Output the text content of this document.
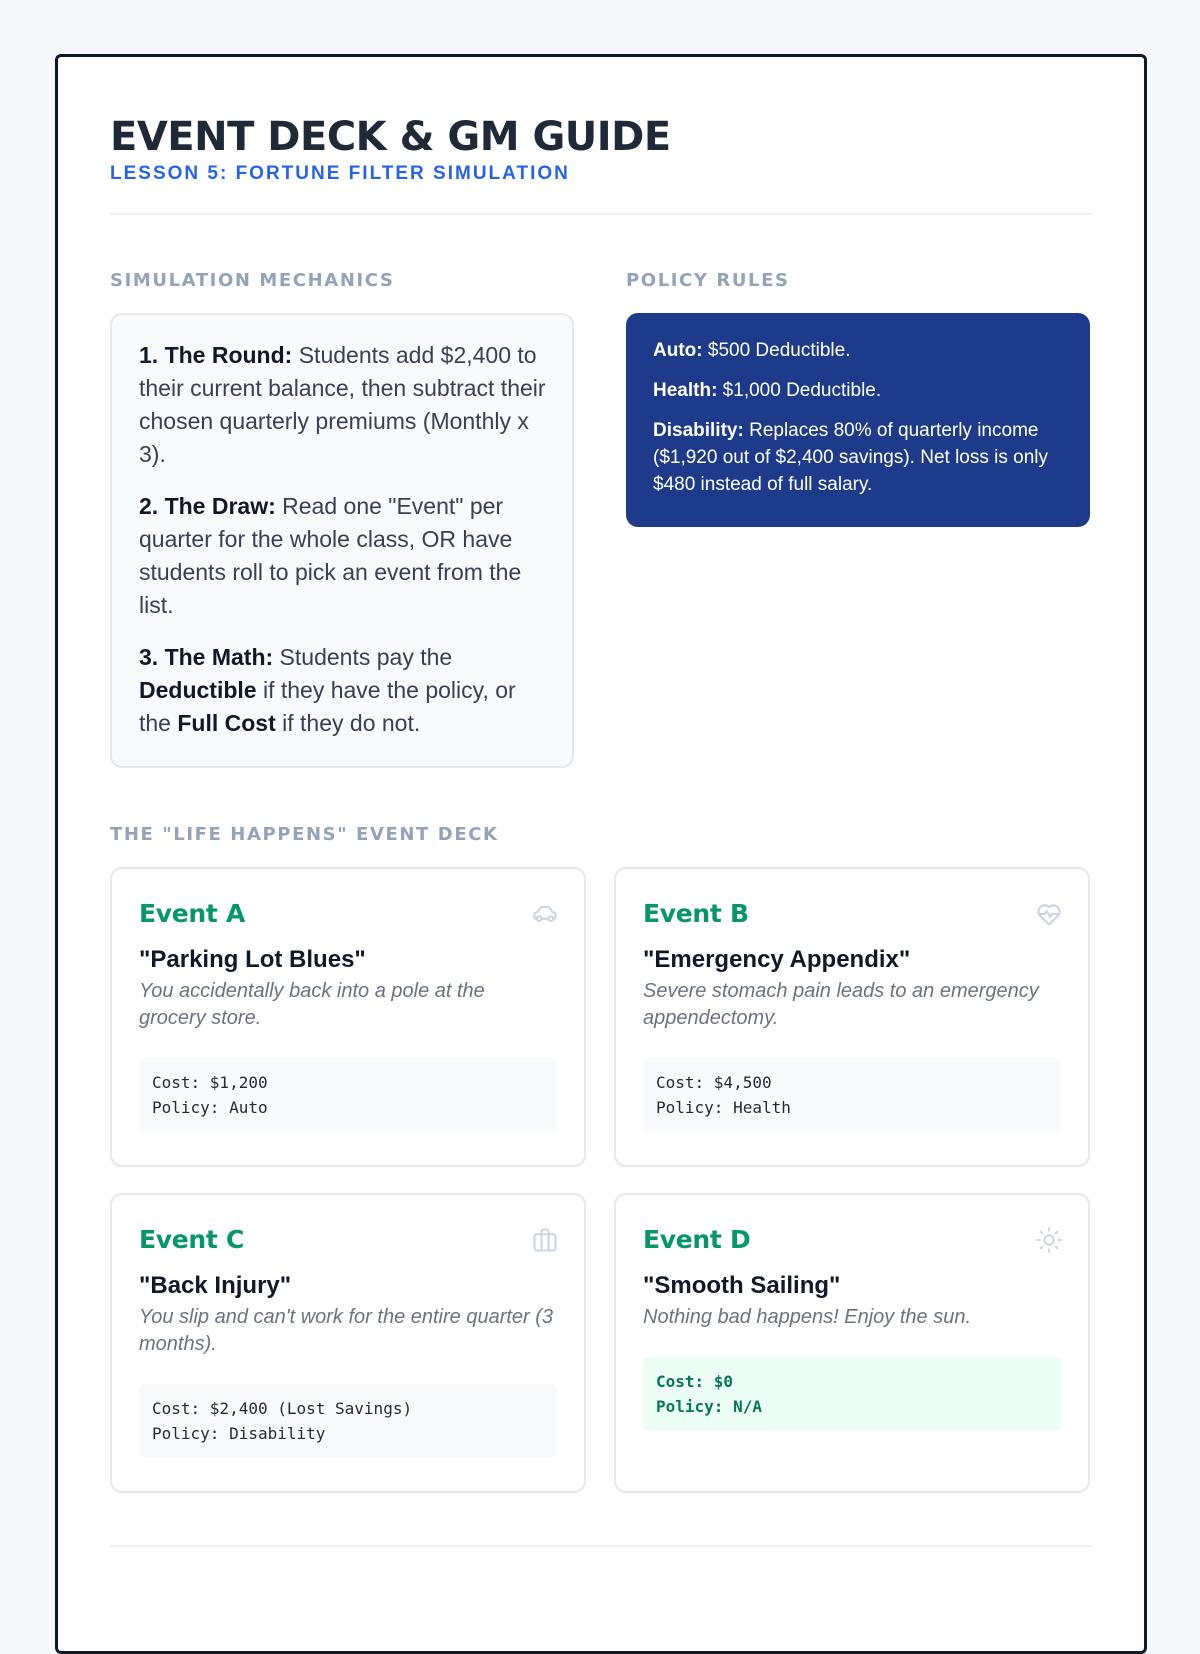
EVENT DECK & GM GUIDE
LESSON 5: FORTUNE FILTER SIMULATION
SIMULATION MECHANICS

1. The Round: Students add $2,400 to their current balance, then subtract their chosen quarterly premiums (Monthly x 3).

2. The Draw: Read one "Event" per quarter for the whole class, OR have students roll to pick an event from the list.

3. The Math: Students pay the Deductible if they have the policy, or the Full Cost if they do not.

POLICY RULES

Auto: $500 Deductible.

Health: $1,000 Deductible.

Disability: Replaces 80% of quarterly income ($1,920 out of $2,400 savings). Net loss is only $480 instead of full salary.

THE "LIFE HAPPENS" EVENT DECK
Event A
"Parking Lot Blues"
You accidentally back into a pole at the grocery store.
Cost: $1,200
Policy: Auto
Event B
"Emergency Appendix"
Severe stomach pain leads to an emergency appendectomy.
Cost: $4,500
Policy: Health
Event C
"Back Injury"
You slip and can't work for the entire quarter (3 months).
Cost: $2,400 (Lost Savings)
Policy: Disability
Event D
"Smooth Sailing"
Nothing bad happens! Enjoy the sun.
Cost: $0
Policy: N/A
